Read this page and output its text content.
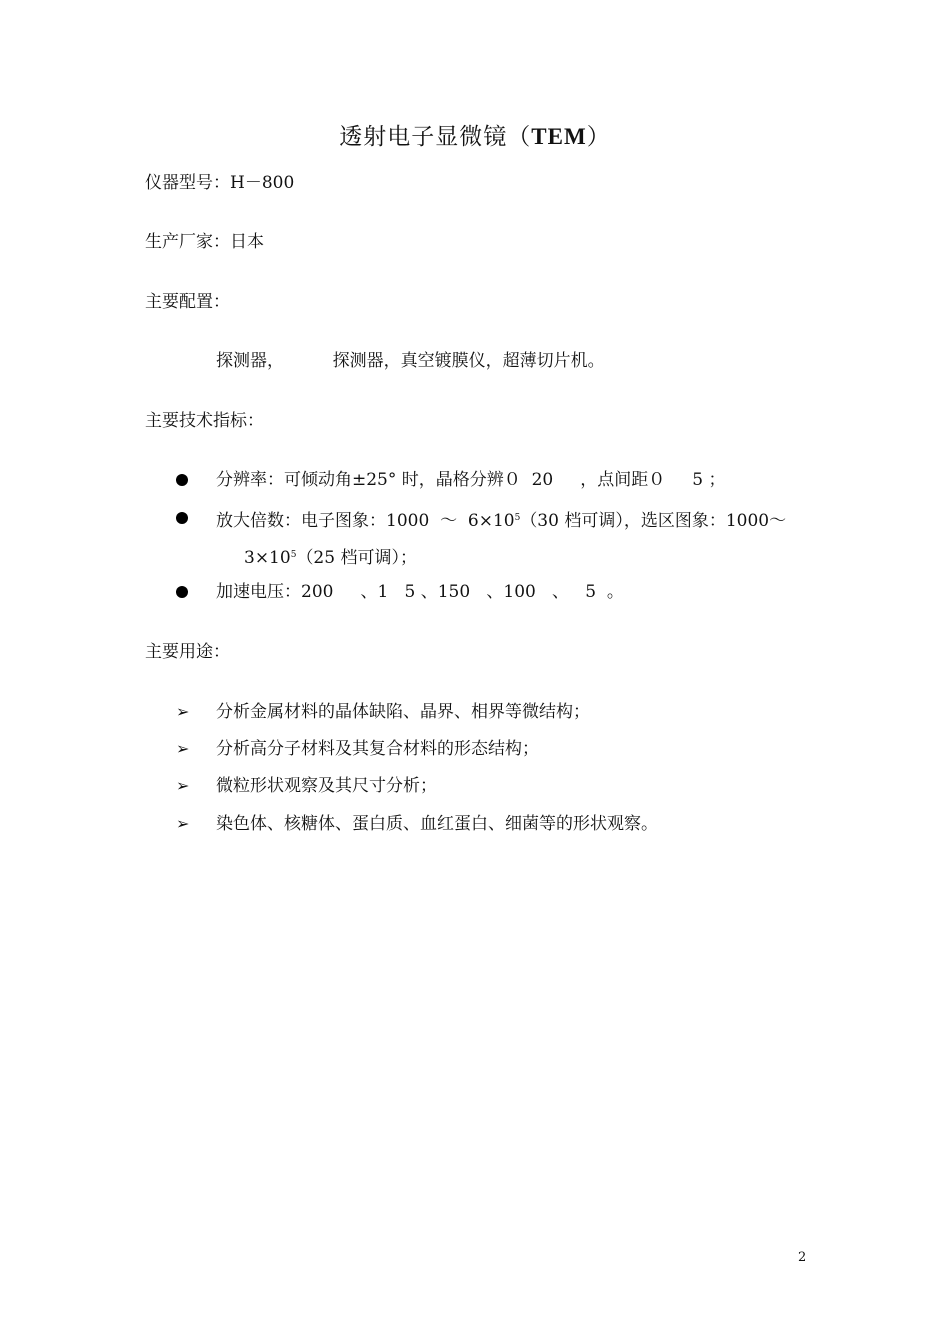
透射电子显微镜（TEM）
仪器型号：H－800
生产厂家：日本
主要配置：
探测器，         探测器，真空镀膜仪，超薄切片机。
主要技术指标：
分辨率：可倾动角±25° 时，晶格分辨０  20     ，点间距０     5 ；
放大倍数：电子图象：1000  ～  $6\times 10^5(30$ 档可调），选区图象：1000～
$3\times 10^5(25$ 档可调）；
加速电压：200     、1   5 、150   、100   、   5  。
主要用途：
➢ 分析金属材料的晶体缺陷、晶界、相界等微结构；
➢ 分析高分子材料及其复合材料的形态结构；
➢ 微粒形状观察及其尺寸分析；
➢ 染色体、核糖体、蛋白质、血红蛋白、细菌等的形状观察。
2
